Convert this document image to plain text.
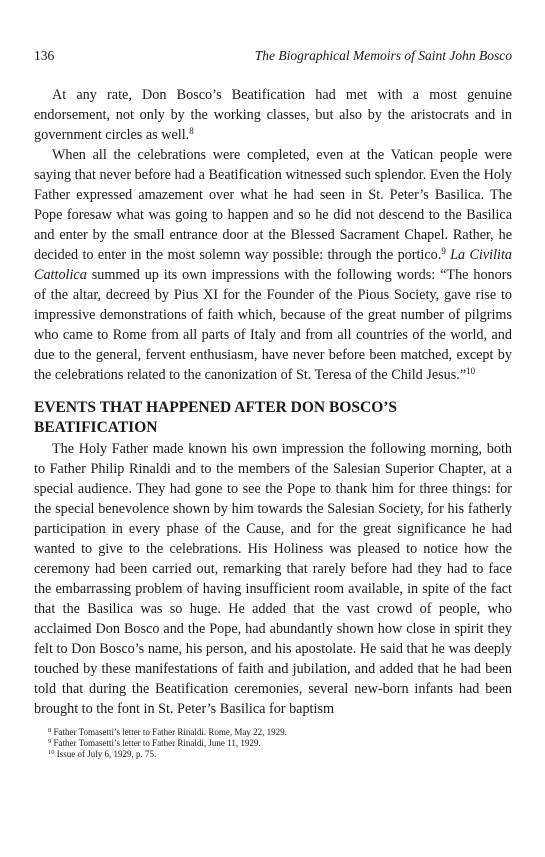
136	The Biographical Memoirs of Saint John Bosco

At any rate, Don Bosco’s Beatification had met with a most genuine endorsement, not only by the working classes, but also by the aristocrats and in government circles as well.$^8$

When all the celebrations were completed, even at the Vatican people were saying that never before had a Beatification witnessed such splendor. Even the Holy Father expressed amazement over what he had seen in St. Peter’s Basilica. The Pope foresaw what was going to happen and so he did not descend to the Basilica and enter by the small entrance door at the Blessed Sacrament Chapel. Rather, he decided to enter in the most solemn way possible: through the portico.$^9$ La Civilita Cattolica summed up its own impressions with the following words: “The honors of the altar, decreed by Pius XI for the Founder of the Pious Society, gave rise to impressive demonstrations of faith which, because of the great number of pilgrims who came to Rome from all parts of Italy and from all countries of the world, and due to the general, fervent enthusiasm, have never before been matched, except by the celebrations related to the canonization of St. Teresa of the Child Jesus.”$^{10}$

EVENTS THAT HAPPENED AFTER DON BOSCO’S BEATIFICATION

The Holy Father made known his own impression the following morning, both to Father Philip Rinaldi and to the members of the Salesian Superior Chapter, at a special audience. They had gone to see the Pope to thank him for three things: for the special benevolence shown by him towards the Salesian Society, for his fatherly participation in every phase of the Cause, and for the great significance he had wanted to give to the celebrations. His Holiness was pleased to notice how the ceremony had been carried out, remarking that rarely before had they had to face the embarrassing problem of having insufficient room available, in spite of the fact that the Basilica was so huge. He added that the vast crowd of people, who acclaimed Don Bosco and the Pope, had abundantly shown how close in spirit they felt to Don Bosco’s name, his person, and his apostolate. He said that he was deeply touched by these manifestations of faith and jubilation, and added that he had been told that during the Beatification ceremonies, several new-born infants had been brought to the font in St. Peter’s Basilica for baptism

$^8$ Father Tomasetti’s letter to Father Rinaldi. Rome, May 22, 1929.
$^9$ Father Tomasetti’s letter to Father Rinaldi, June 11, 1929.
$^{10}$ Issue of July 6, 1929, p. 75.
